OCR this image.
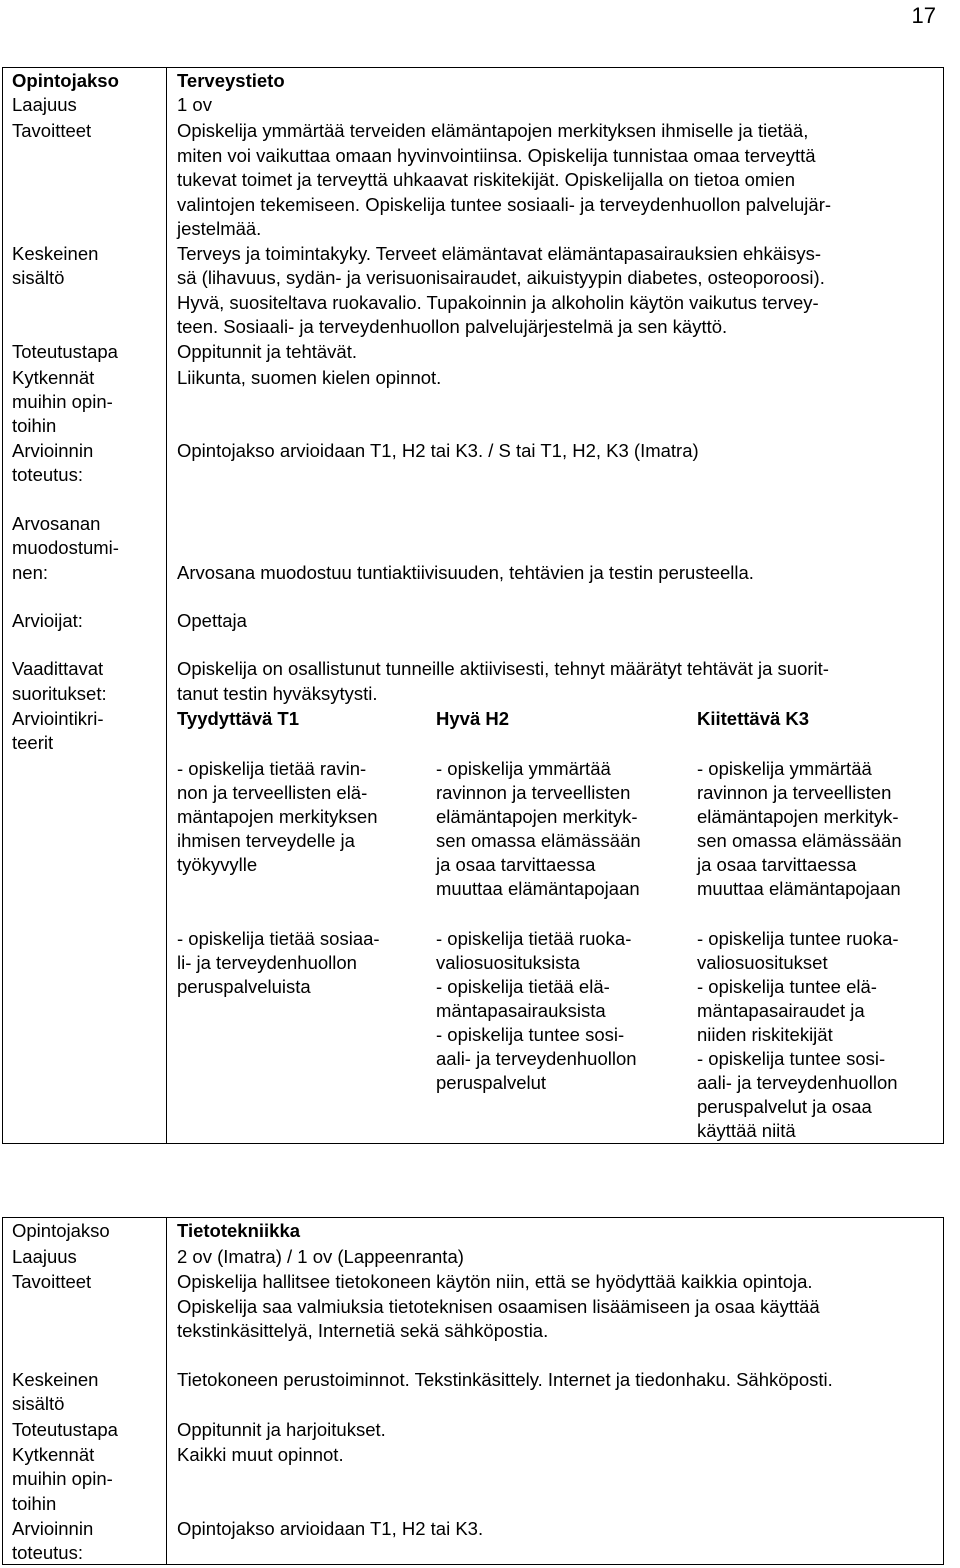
17
Opintojakso
Laajuus
Tavoitteet
Keskeinen
sisältö
Toteutustapa
Kytkennät
muihin opin-
toihin
Arvioinnin
toteutus:
Arvosanan
muodostumi-
nen:
Arvioijat:
Vaadittavat
suoritukset:
Arviointikri-
teerit
Terveystieto
1 ov
Opiskelija ymmärtää terveiden elämäntapojen merkityksen ihmiselle ja tietää,
miten voi vaikuttaa omaan hyvinvointiinsa. Opiskelija tunnistaa omaa terveyttä
tukevat toimet ja terveyttä uhkaavat riskitekijät. Opiskelijalla on tietoa omien
valintojen tekemiseen. Opiskelija tuntee sosiaali- ja terveydenhuollon palvelujär-
jestelmää.
Terveys ja toimintakyky. Terveet elämäntavat elämäntapasairauksien ehkäisys-
sä (lihavuus, sydän- ja verisuonisairaudet, aikuistyypin diabetes, osteoporoosi).
Hyvä, suositeltava ruokavalio. Tupakoinnin ja alkoholin käytön vaikutus tervey-
teen. Sosiaali- ja terveydenhuollon palvelujärjestelmä ja sen käyttö.
Oppitunnit ja tehtävät.
Liikunta, suomen kielen opinnot.
Opintojakso arvioidaan T1, H2 tai K3. / S tai T1, H2, K3 (Imatra)
Arvosana muodostuu tuntiaktiivisuuden, tehtävien ja testin perusteella.
Opettaja
Opiskelija on osallistunut tunneille aktiivisesti, tehnyt määrätyt tehtävät ja suorit-
tanut testin hyväksytysti.
Tyydyttävä T1	Hyvä H2	Kiitettävä K3
- opiskelija tietää ravin-
non ja terveellisten elä-
mäntapojen merkityksen
ihmisen terveydelle ja
työkyvylle
- opiskelija ymmärtää
ravinnon ja terveellisten
elämäntapojen merkityk-
sen omassa elämässään
ja osaa tarvittaessa
muuttaa elämäntapojaan
- opiskelija ymmärtää
ravinnon ja terveellisten
elämäntapojen merkityk-
sen omassa elämässään
ja osaa tarvittaessa
muuttaa elämäntapojaan
- opiskelija tietää sosiaa-
li- ja terveydenhuollon
peruspalveluista
- opiskelija tietää ruoka-
valiosuosituksista
- opiskelija tietää elä-
mäntapasairauksista
- opiskelija tuntee sosi-
aali- ja terveydenhuollon
peruspalvelut
- opiskelija tuntee ruoka-
valiosuositukset
- opiskelija tuntee elä-
mäntapasairaudet ja
niiden riskitekijät
- opiskelija tuntee sosi-
aali- ja terveydenhuollon
peruspalvelut ja osaa
käyttää niitä
Opintojakso
Laajuus
Tavoitteet
Keskeinen
sisältö
Toteutustapa
Kytkennät
muihin opin-
toihin
Arvioinnin
toteutus:
Tietotekniikka
2 ov (Imatra) / 1 ov (Lappeenranta)
Opiskelija hallitsee tietokoneen käytön niin, että se hyödyttää kaikkia opintoja.
Opiskelija saa valmiuksia tietoteknisen osaamisen lisäämiseen ja osaa käyttää
tekstinkäsittelyä, Internetiä sekä sähköpostia.
Tietokoneen perustoiminnot. Tekstinkäsittely. Internet ja tiedonhaku. Sähköposti.
Oppitunnit ja harjoitukset.
Kaikki muut opinnot.
Opintojakso arvioidaan T1, H2 tai K3.
